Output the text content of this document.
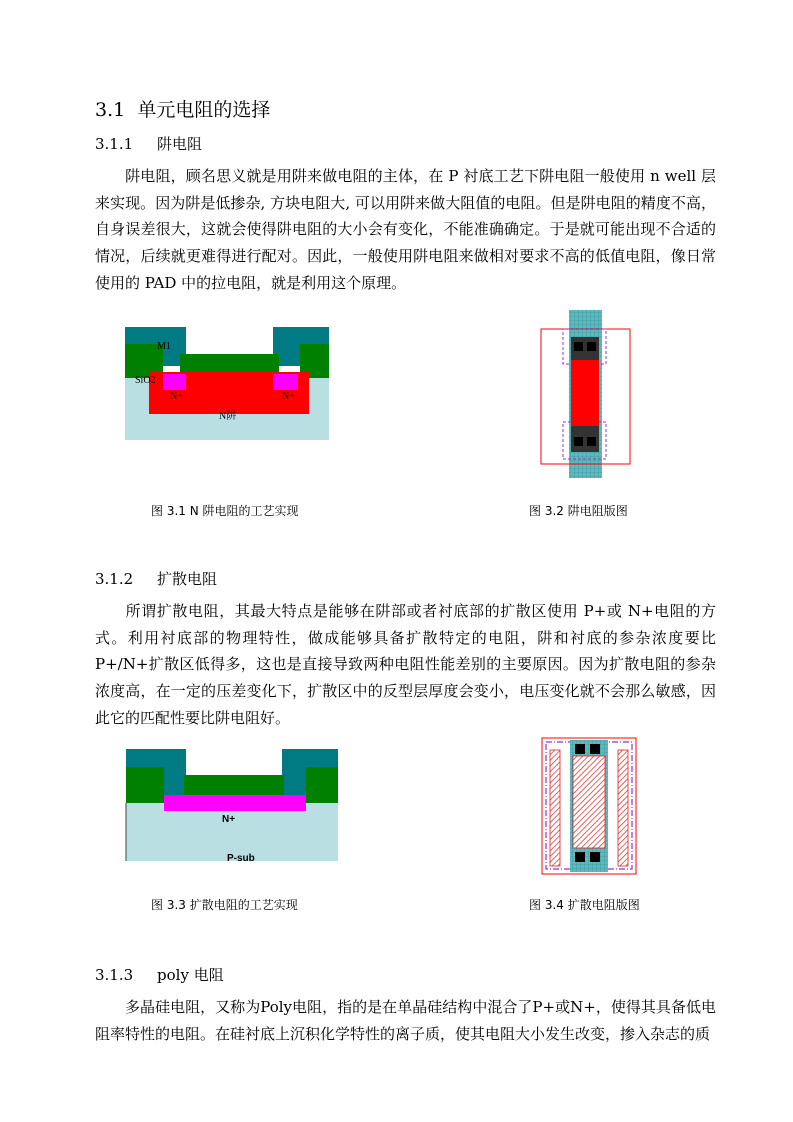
3.1 单元电阻的选择
3.1.1 阱电阻

阱电阻，顾名思义就是用阱来做电阻的主体，在 P 衬底工艺下阱电阻一般使用 n well 层来实现。因为阱是低掺杂, 方块电阻大, 可以用阱来做大阻值的电阻。但是阱电阻的精度不高，自身误差很大，这就会使得阱电阻的大小会有变化，不能准确确定。于是就可能出现不合适的情况，后续就更难得进行配对。因此，一般使用阱电阻来做相对要求不高的低值电阻，像日常使用的 PAD 中的拉电阻，就是利用这个原理。

M1
SiO2
N+	N+
N阱
图 3.1 N 阱电阻的工艺实现	图 3.2 阱电阻版图
3.1.2 扩散电阻

所谓扩散电阻，其最大特点是能够在阱部或者衬底部的扩散区使用 P+或 N+电阻的方式。利用衬底部的物理特性，做成能够具备扩散特定的电阻，阱和衬底的参杂浓度要比 P+/N+扩散区低得多，这也是直接导致两种电阻性能差别的主要原因。因为扩散电阻的参杂浓度高，在一定的压差变化下，扩散区中的反型层厚度会变小，电压变化就不会那么敏感，因此它的匹配性要比阱电阻好。

N+
P-sub
图 3.3 扩散电阻的工艺实现	图 3.4 扩散电阻版图
3.1.3 poly 电阻

多晶硅电阻，又称为Poly电阻，指的是在单晶硅结构中混合了P+或N+，使得其具备低电阻率特性的电阻。在硅衬底上沉积化学特性的离子质，使其电阻大小发生改变，掺入杂志的质
